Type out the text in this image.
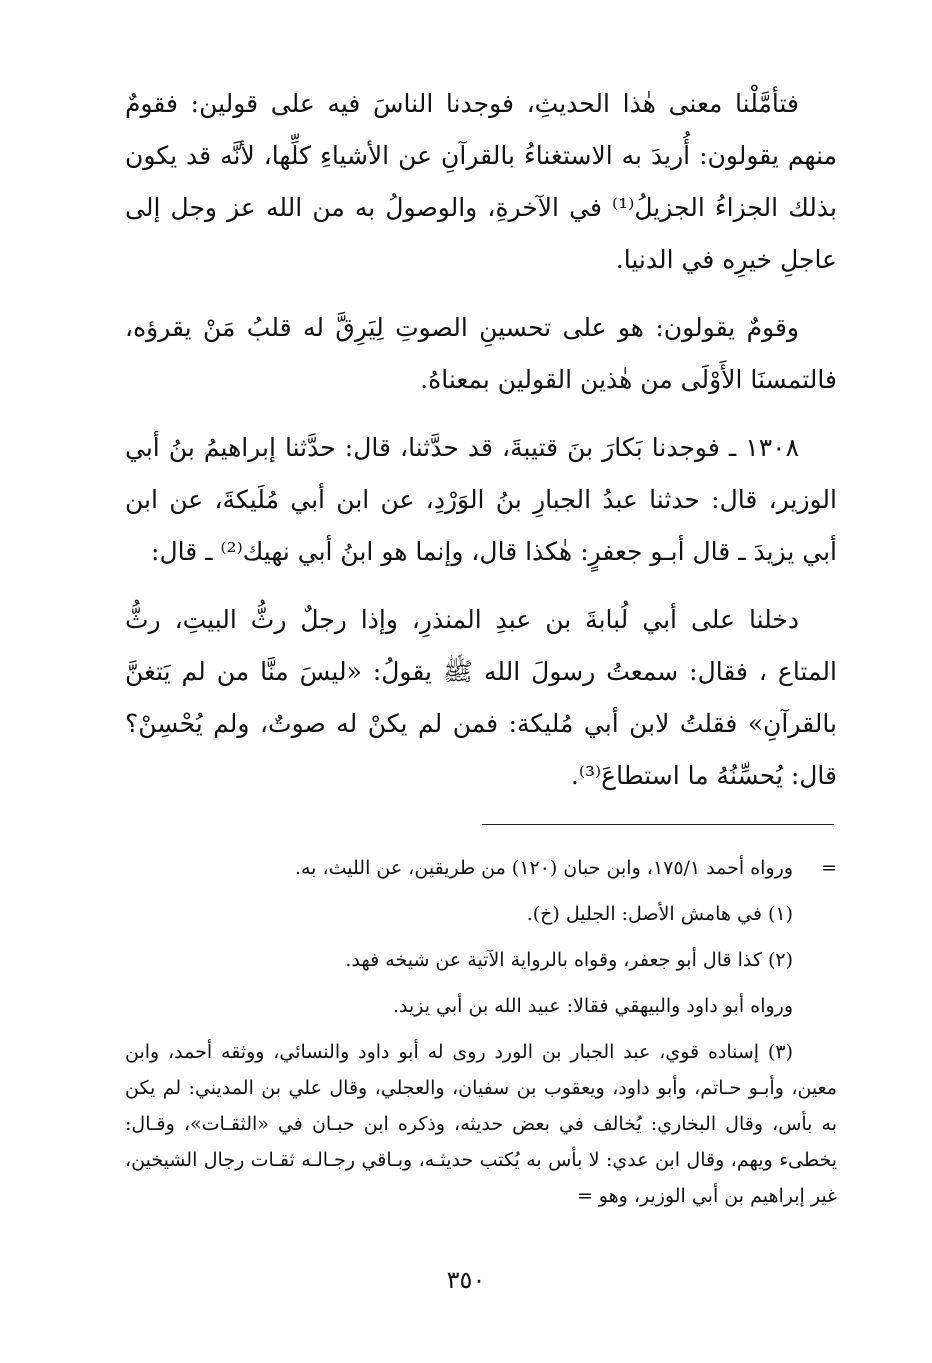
فتأمَّلْنا معنى هٰذا الحديثِ، فوجدنا الناسَ فيه على قولين: فقومٌ منهم يقولون: أُريدَ به الاستغناءُ بالقرآنِ عن الأشياءِ كلِّها، لأنَّه قد يكون بذلك الجزاءُ الجزيلُ⁽¹⁾ في الآخرةِ، والوصولُ به من الله عز وجل إلى عاجلِ خيرِه في الدنيا.

وقومٌ يقولون: هو على تحسينِ الصوتِ لِيَرِقَّ له قلبُ مَنْ يقرؤه، فالتمسنَا الأَوْلَى من هٰذين القولين بمعناهُ.

١٣٠٨ ـ فوجدنا بَكارَ بنَ قتيبةَ، قد حدَّثنا، قال: حدَّثنا إبراهيمُ بنُ أبي الوزير، قال: حدثنا عبدُ الجبارِ بنُ الوَرْدِ، عن ابن أبي مُلَيكةَ، عن ابن أبي يزيدَ ـ قال أبـو جعفرٍ: هٰكذا قال، وإنما هو ابنُ أبي نهيك⁽²⁾ ـ قال:

دخلنا على أبي لُبابةَ بن عبدِ المنذرِ، وإذا رجلٌ رثُّ البيتِ، رثُّ المتاع ، فقال: سمعتُ رسولَ الله ﷺ يقولُ: «ليسَ منَّا من لم يَتغنَّ بالقرآنِ» فقلتُ لابن أبي مُليكة: فمن لم يكنْ له صوتٌ، ولم يُحْسِنْ؟ قال: يُحسِّنُهُ ما استطاعَ⁽³⁾.

=
ورواه أحمد ١٧٥/١، وابن حبان (١٢٠) من طريقين، عن الليث، به.

(١) في هامش الأصل: الجليل (خ).

(٢) كذا قال أبو جعفر، وقواه بالرواية الآتية عن شيخه فهد.

ورواه أبو داود والبيهقي فقالا: عبيد الله بن أبي يزيد.

(٣) إسناده قوي، عبد الجبار بن الورد روى له أبو داود والنسائي، ووثقه أحمد، وابن معين، وأبـو حـاتم، وأبو داود، ويعقوب بن سفيان، والعجلي، وقال علي بن المديني: لم يكن به بأس، وقال البخاري: يُخالف في بعض حديثه، وذكره ابن حبـان في «الثقـات»، وقـال: يخطىء ويهم، وقال ابن عدي: لا بأس به يُكتب حديثـه، وبـاقي رجـالـه ثقـات رجال الشيخين، غير إبراهيم بن أبي الوزير، وهو =

٣٥٠
